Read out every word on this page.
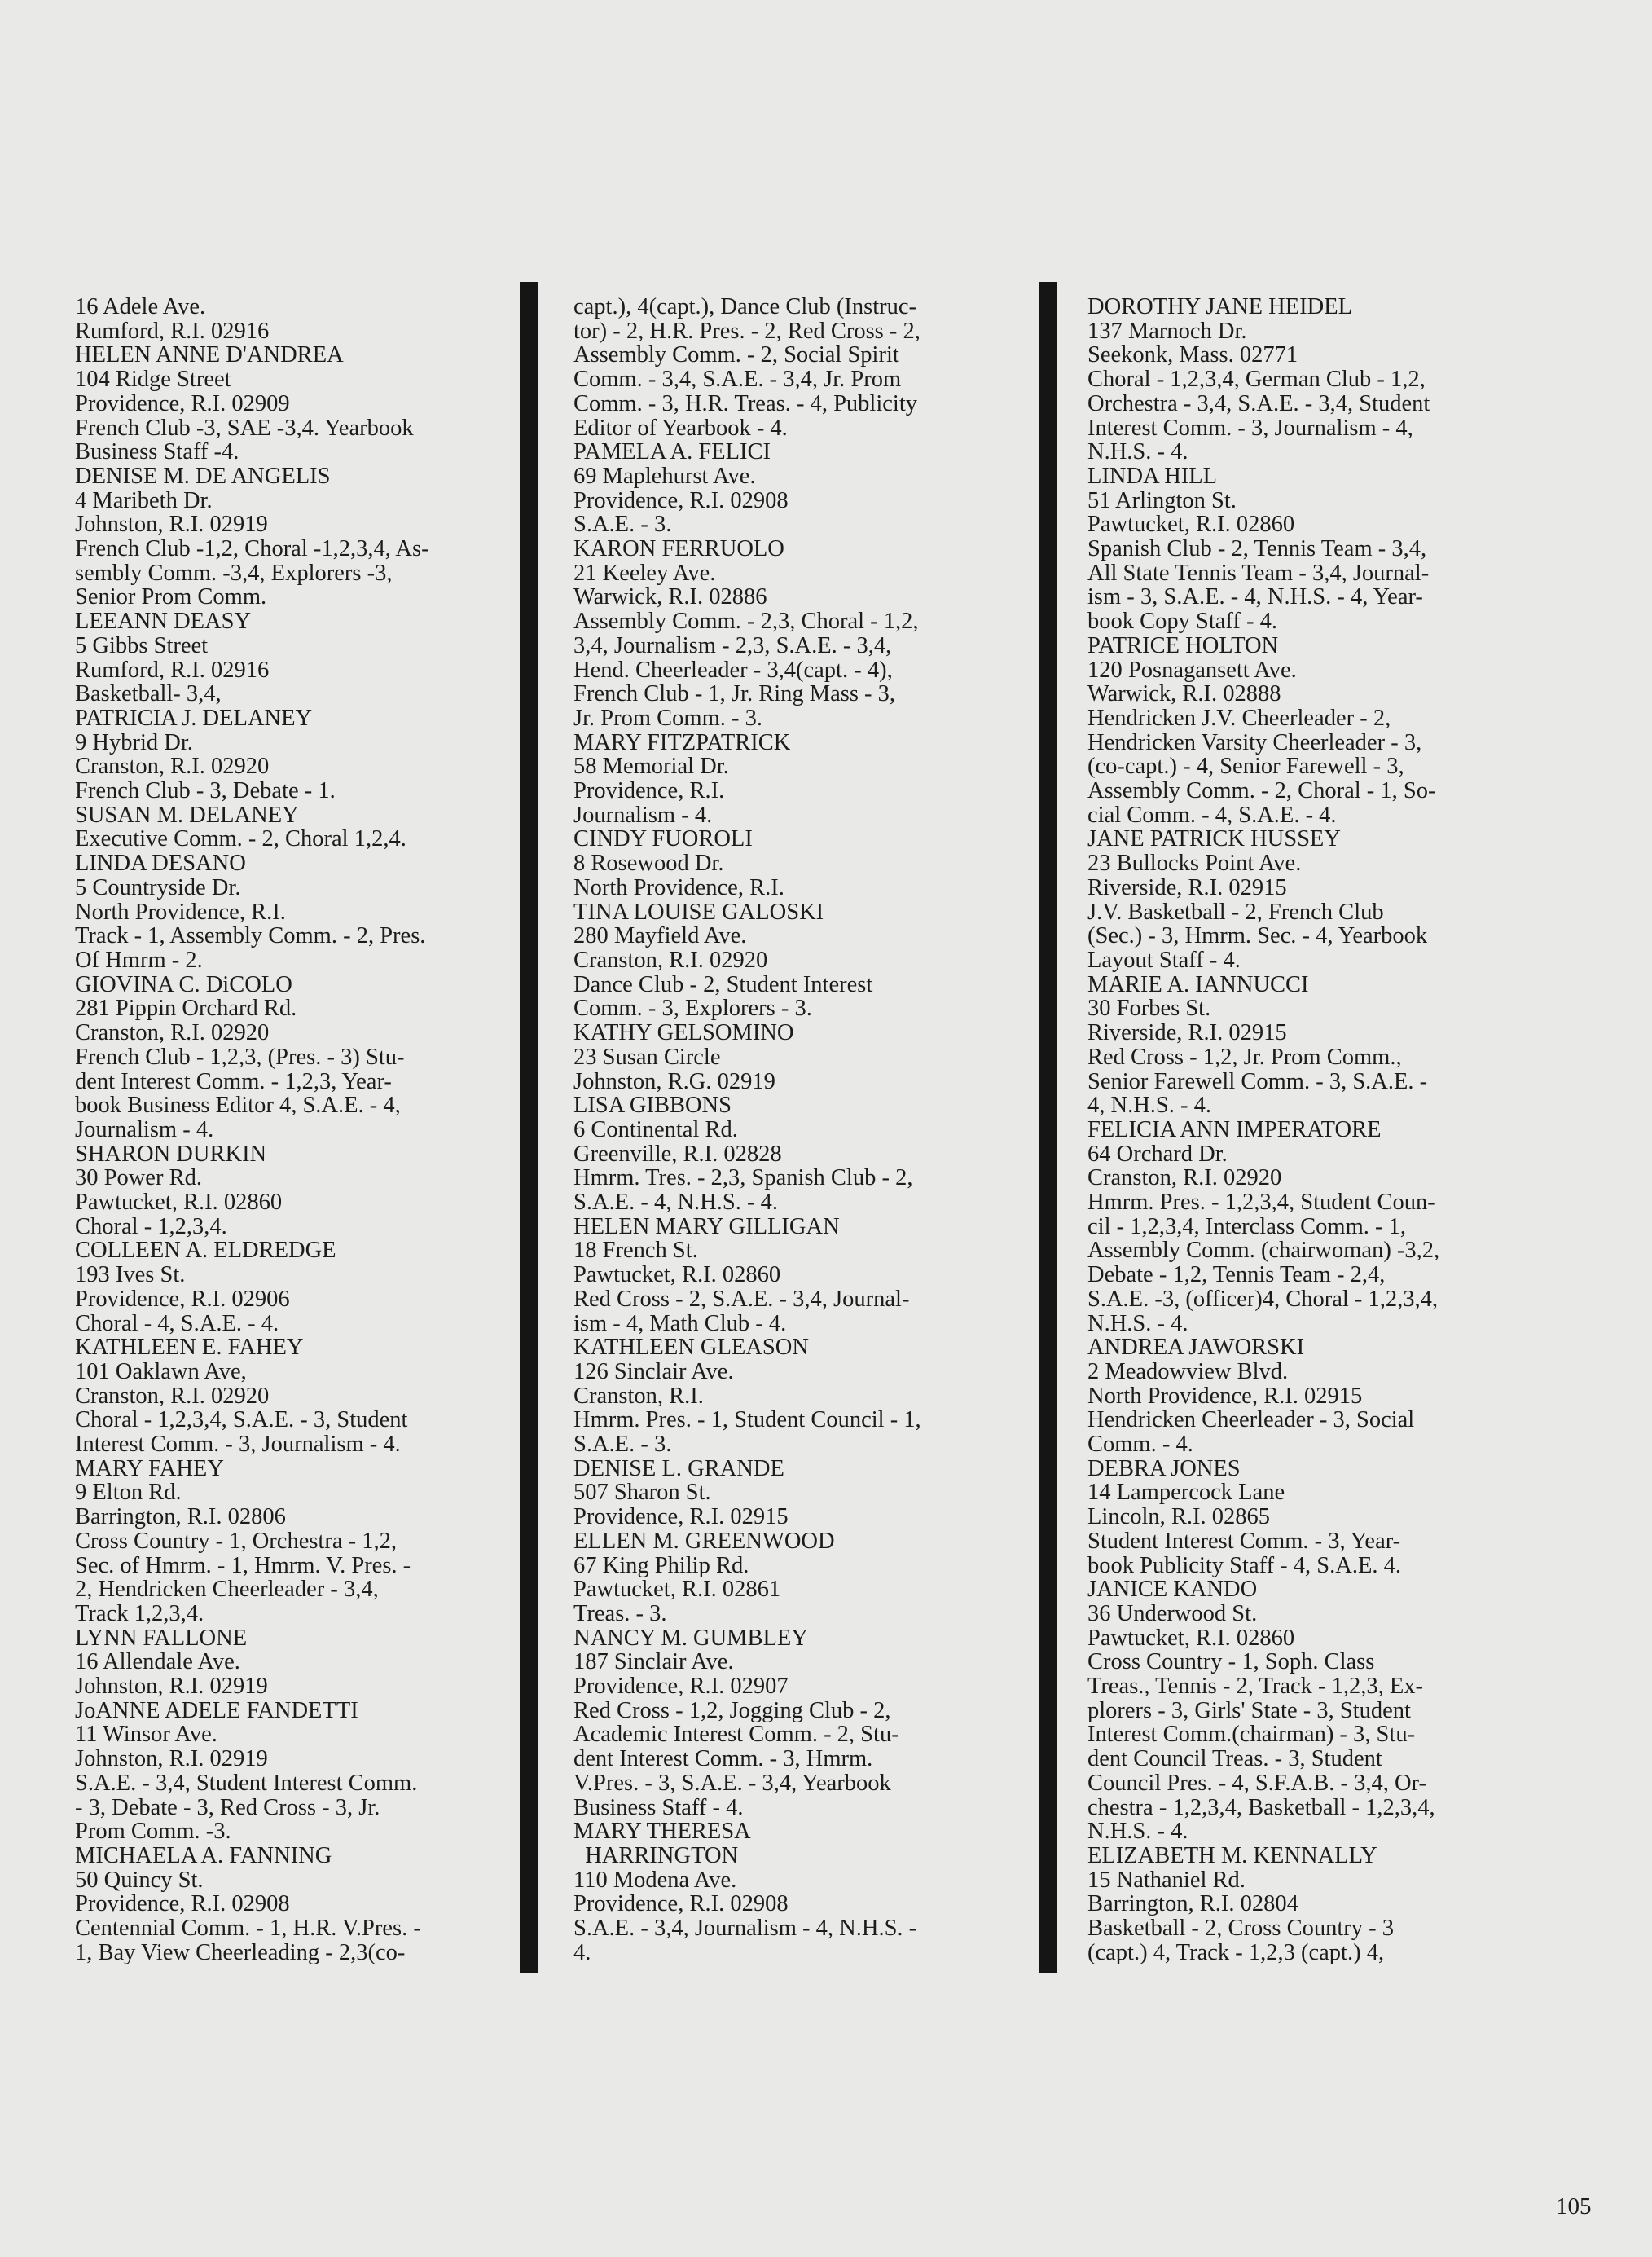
16 Adele Ave.
Rumford, R.I. 02916
HELEN ANNE D'ANDREA
104 Ridge Street
Providence, R.I. 02909
French Club -3, SAE -3,4. Yearbook
Business Staff -4.
DENISE M. DE ANGELIS
4 Maribeth Dr.
Johnston, R.I. 02919
French Club -1,2, Choral -1,2,3,4, As-
sembly Comm. -3,4, Explorers -3,
Senior Prom Comm.
LEEANN DEASY
5 Gibbs Street
Rumford, R.I. 02916
Basketball- 3,4,
PATRICIA J. DELANEY
9 Hybrid Dr.
Cranston, R.I. 02920
French Club - 3, Debate - 1.
SUSAN M. DELANEY
Executive Comm. - 2, Choral 1,2,4.
LINDA DESANO
5 Countryside Dr.
North Providence, R.I.
Track - 1, Assembly Comm. - 2, Pres.
Of Hmrm - 2.
GIOVINA C. DiCOLO
281 Pippin Orchard Rd.
Cranston, R.I. 02920
French Club - 1,2,3, (Pres. - 3) Stu-
dent Interest Comm. - 1,2,3, Year-
book Business Editor 4, S.A.E. - 4,
Journalism - 4.
SHARON DURKIN
30 Power Rd.
Pawtucket, R.I. 02860
Choral - 1,2,3,4.
COLLEEN A. ELDREDGE
193 Ives St.
Providence, R.I. 02906
Choral - 4, S.A.E. - 4.
KATHLEEN E. FAHEY
101 Oaklawn Ave,
Cranston, R.I. 02920
Choral - 1,2,3,4, S.A.E. - 3, Student
Interest Comm. - 3, Journalism - 4.
MARY FAHEY
9 Elton Rd.
Barrington, R.I. 02806
Cross Country - 1, Orchestra - 1,2,
Sec. of Hmrm. - 1, Hmrm. V. Pres. -
2, Hendricken Cheerleader - 3,4,
Track 1,2,3,4.
LYNN FALLONE
16 Allendale Ave.
Johnston, R.I. 02919
JoANNE ADELE FANDETTI
11 Winsor Ave.
Johnston, R.I. 02919
S.A.E. - 3,4, Student Interest Comm.
- 3, Debate - 3, Red Cross - 3, Jr.
Prom Comm. -3.
MICHAELA A. FANNING
50 Quincy St.
Providence, R.I. 02908
Centennial Comm. - 1, H.R. V.Pres. -
1, Bay View Cheerleading - 2,3(co-
capt.), 4(capt.), Dance Club (Instruc-
tor) - 2, H.R. Pres. - 2, Red Cross - 2,
Assembly Comm. - 2, Social Spirit
Comm. - 3,4, S.A.E. - 3,4, Jr. Prom
Comm. - 3, H.R. Treas. - 4, Publicity
Editor of Yearbook - 4.
PAMELA A. FELICI
69 Maplehurst Ave.
Providence, R.I. 02908
S.A.E. - 3.
KARON FERRUOLO
21 Keeley Ave.
Warwick, R.I. 02886
Assembly Comm. - 2,3, Choral - 1,2,
3,4, Journalism - 2,3, S.A.E. - 3,4,
Hend. Cheerleader - 3,4(capt. - 4),
French Club - 1, Jr. Ring Mass - 3,
Jr. Prom Comm. - 3.
MARY FITZPATRICK
58 Memorial Dr.
Providence, R.I.
Journalism - 4.
CINDY FUOROLI
8 Rosewood Dr.
North Providence, R.I.
TINA LOUISE GALOSKI
280 Mayfield Ave.
Cranston, R.I. 02920
Dance Club - 2, Student Interest
Comm. - 3, Explorers - 3.
KATHY GELSOMINO
23 Susan Circle
Johnston, R.G. 02919
LISA GIBBONS
6 Continental Rd.
Greenville, R.I. 02828
Hmrm. Tres. - 2,3, Spanish Club - 2,
S.A.E. - 4, N.H.S. - 4.
HELEN MARY GILLIGAN
18 French St.
Pawtucket, R.I. 02860
Red Cross - 2, S.A.E. - 3,4, Journal-
ism - 4, Math Club - 4.
KATHLEEN GLEASON
126 Sinclair Ave.
Cranston, R.I.
Hmrm. Pres. - 1, Student Council - 1,
S.A.E. - 3.
DENISE L. GRANDE
507 Sharon St.
Providence, R.I. 02915
ELLEN M. GREENWOOD
67 King Philip Rd.
Pawtucket, R.I. 02861
Treas. - 3.
NANCY M. GUMBLEY
187 Sinclair Ave.
Providence, R.I. 02907
Red Cross - 1,2, Jogging Club - 2,
Academic Interest Comm. - 2, Stu-
dent Interest Comm. - 3, Hmrm.
V.Pres. - 3, S.A.E. - 3,4, Yearbook
Business Staff - 4.
MARY THERESA
HARRINGTON
110 Modena Ave.
Providence, R.I. 02908
S.A.E. - 3,4, Journalism - 4, N.H.S. -
4.
DOROTHY JANE HEIDEL
137 Marnoch Dr.
Seekonk, Mass. 02771
Choral - 1,2,3,4, German Club - 1,2,
Orchestra - 3,4, S.A.E. - 3,4, Student
Interest Comm. - 3, Journalism - 4,
N.H.S. - 4.
LINDA HILL
51 Arlington St.
Pawtucket, R.I. 02860
Spanish Club - 2, Tennis Team - 3,4,
All State Tennis Team - 3,4, Journal-
ism - 3, S.A.E. - 4, N.H.S. - 4, Year-
book Copy Staff - 4.
PATRICE HOLTON
120 Posnagansett Ave.
Warwick, R.I. 02888
Hendricken J.V. Cheerleader - 2,
Hendricken Varsity Cheerleader - 3,
(co-capt.) - 4, Senior Farewell - 3,
Assembly Comm. - 2, Choral - 1, So-
cial Comm. - 4, S.A.E. - 4.
JANE PATRICK HUSSEY
23 Bullocks Point Ave.
Riverside, R.I. 02915
J.V. Basketball - 2, French Club
(Sec.) - 3, Hmrm. Sec. - 4, Yearbook
Layout Staff - 4.
MARIE A. IANNUCCI
30 Forbes St.
Riverside, R.I. 02915
Red Cross - 1,2, Jr. Prom Comm.,
Senior Farewell Comm. - 3, S.A.E. -
4, N.H.S. - 4.
FELICIA ANN IMPERATORE
64 Orchard Dr.
Cranston, R.I. 02920
Hmrm. Pres. - 1,2,3,4, Student Coun-
cil - 1,2,3,4, Interclass Comm. - 1,
Assembly Comm. (chairwoman) -3,2,
Debate - 1,2, Tennis Team - 2,4,
S.A.E. -3, (officer)4, Choral - 1,2,3,4,
N.H.S. - 4.
ANDREA JAWORSKI
2 Meadowview Blvd.
North Providence, R.I. 02915
Hendricken Cheerleader - 3, Social
Comm. - 4.
DEBRA JONES
14 Lampercock Lane
Lincoln, R.I. 02865
Student Interest Comm. - 3, Year-
book Publicity Staff - 4, S.A.E. 4.
JANICE KANDO
36 Underwood St.
Pawtucket, R.I. 02860
Cross Country - 1, Soph. Class
Treas., Tennis - 2, Track - 1,2,3, Ex-
plorers - 3, Girls' State - 3, Student
Interest Comm.(chairman) - 3, Stu-
dent Council Treas. - 3, Student
Council Pres. - 4, S.F.A.B. - 3,4, Or-
chestra - 1,2,3,4, Basketball - 1,2,3,4,
N.H.S. - 4.
ELIZABETH M. KENNALLY
15 Nathaniel Rd.
Barrington, R.I. 02804
Basketball - 2, Cross Country - 3
(capt.) 4, Track - 1,2,3 (capt.) 4,
105
